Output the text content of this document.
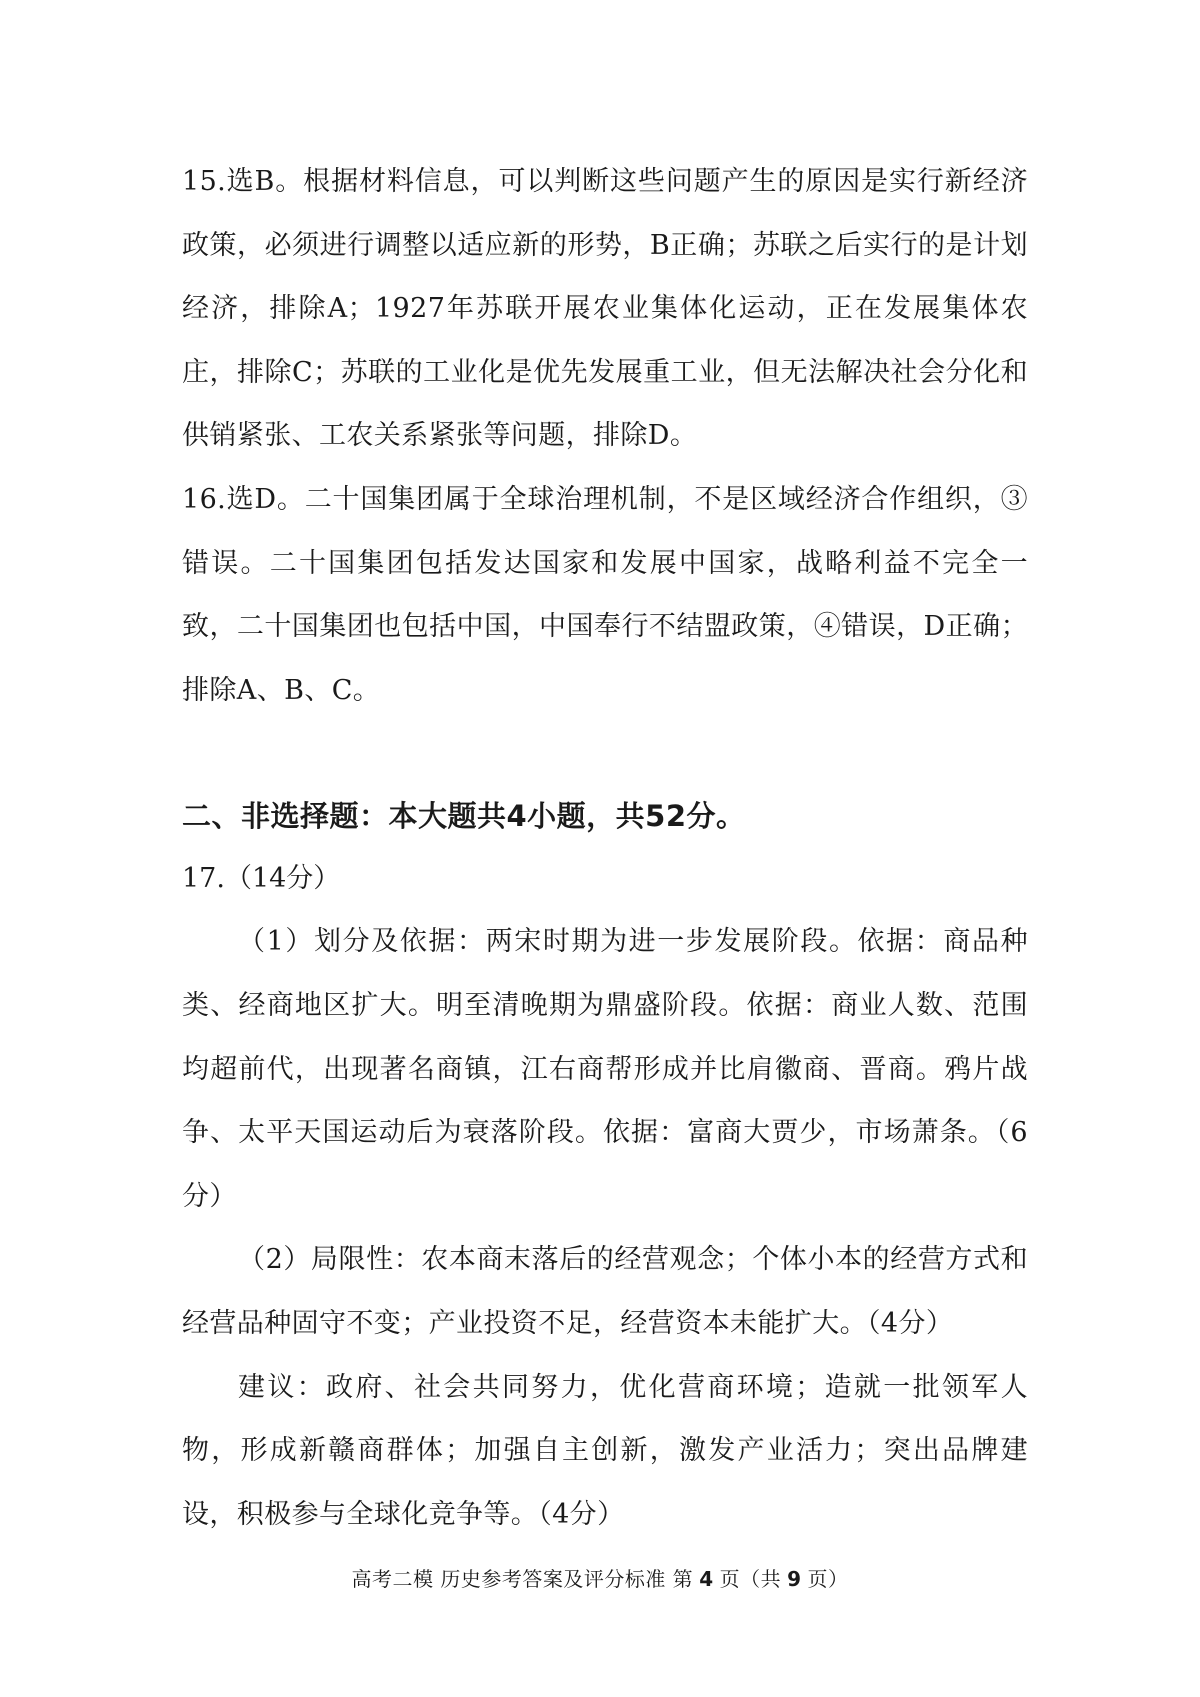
15.选B。根据材料信息，可以判断这些问题产生的原因是实行新经济政策，必须进行调整以适应新的形势，B正确；苏联之后实行的是计划经济，排除A；1927年苏联开展农业集体化运动，正在发展集体农庄，排除C；苏联的工业化是优先发展重工业，但无法解决社会分化和供销紧张、工农关系紧张等问题，排除D。

16.选D。二十国集团属于全球治理机制，不是区域经济合作组织，③错误。二十国集团包括发达国家和发展中国家，战略利益不完全一致，二十国集团也包括中国，中国奉行不结盟政策，④错误，D正确；排除A、B、C。

二、非选择题：本大题共4小题，共52分。

17.（14分）

（1）划分及依据：两宋时期为进一步发展阶段。依据：商品种类、经商地区扩大。明至清晚期为鼎盛阶段。依据：商业人数、范围均超前代，出现著名商镇，江右商帮形成并比肩徽商、晋商。鸦片战争、太平天国运动后为衰落阶段。依据：富商大贾少，市场萧条。（6分）

（2）局限性：农本商末落后的经营观念；个体小本的经营方式和经营品种固守不变；产业投资不足，经营资本未能扩大。（4分）

建议：政府、社会共同努力，优化营商环境；造就一批领军人物，形成新赣商群体；加强自主创新，激发产业活力；突出品牌建设，积极参与全球化竞争等。（4分）

高考二模 历史参考答案及评分标准 第 4 页（共 9 页）
